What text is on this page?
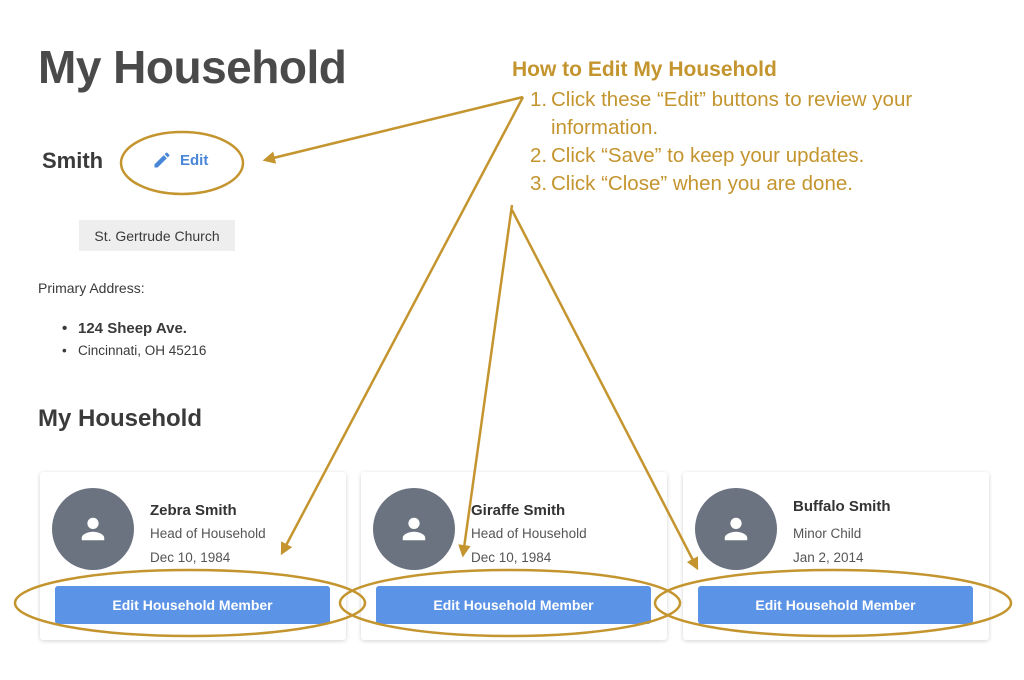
My Household
Smith	Edit
St. Gertrude Church
Primary Address:
• 124 Sheep Ave.
• Cincinnati, OH 45216
My Household
Zebra Smith
Head of Household
Dec 10, 1984
Edit Household Member
Giraffe Smith
Head of Household
Dec 10, 1984
Edit Household Member
Buffalo Smith
Minor Child
Jan 2, 2014
Edit Household Member
How to Edit My Household
1. Click these “Edit” buttons to review your information.
2. Click “Save” to keep your updates.
3. Click “Close” when you are done.
